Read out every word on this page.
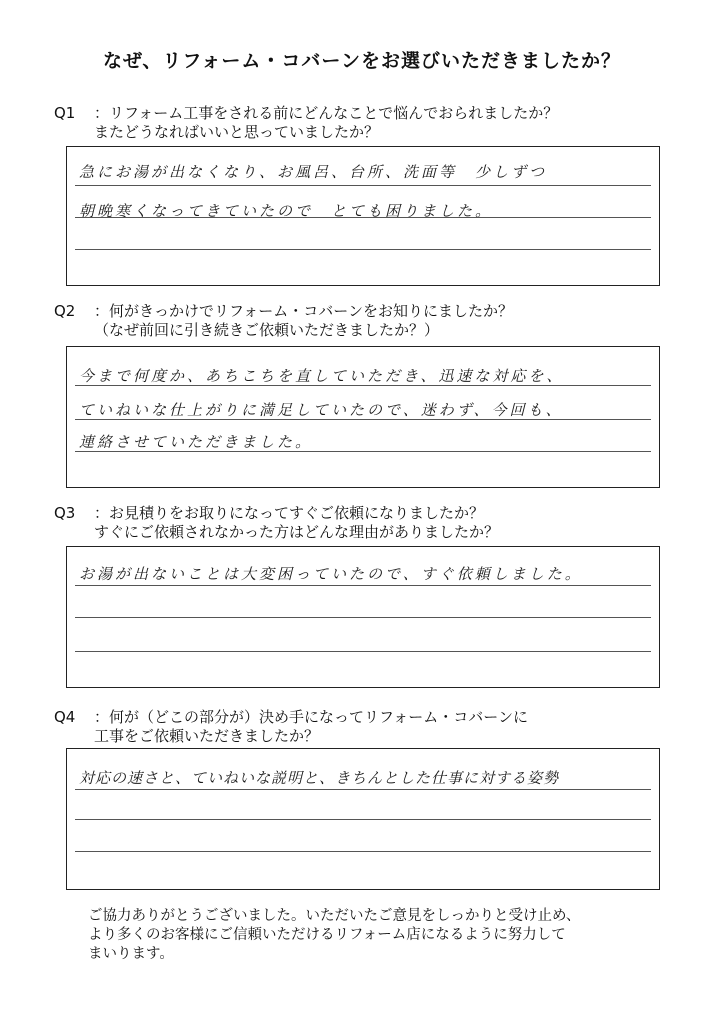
なぜ、リフォーム・コバーンをお選びいただきましたか？
Q1 ：リフォーム工事をされる前にどんなことで悩んでおられましたか？
またどうなればいいと思っていましたか？
急にお湯が出なくなり、お風呂、台所、洗面等　少しずつ
朝晩寒くなってきていたので　とても困りました。
Q2 ：何がきっかけでリフォーム・コバーンをお知りにましたか？
（なぜ前回に引き続きご依頼いただきましたか？）
今まで何度か、あちこちを直していただき、迅速な対応を、
ていねいな仕上がりに満足していたので、迷わず、今回も、
連絡させていただきました。
Q3 ：お見積りをお取りになってすぐご依頼になりましたか？
すぐにご依頼されなかった方はどんな理由がありましたか？
お湯が出ないことは大変困っていたので、すぐ依頼しました。
Q4 ：何が（どこの部分が）決め手になってリフォーム・コバーンに
工事をご依頼いただきましたか？
対応の速さと、ていねいな説明と、きちんとした仕事に対する姿勢
ご協力ありがとうございました。いただいたご意見をしっかりと受け止め、
より多くのお客様にご信頼いただけるリフォーム店になるように努力して
まいります。
